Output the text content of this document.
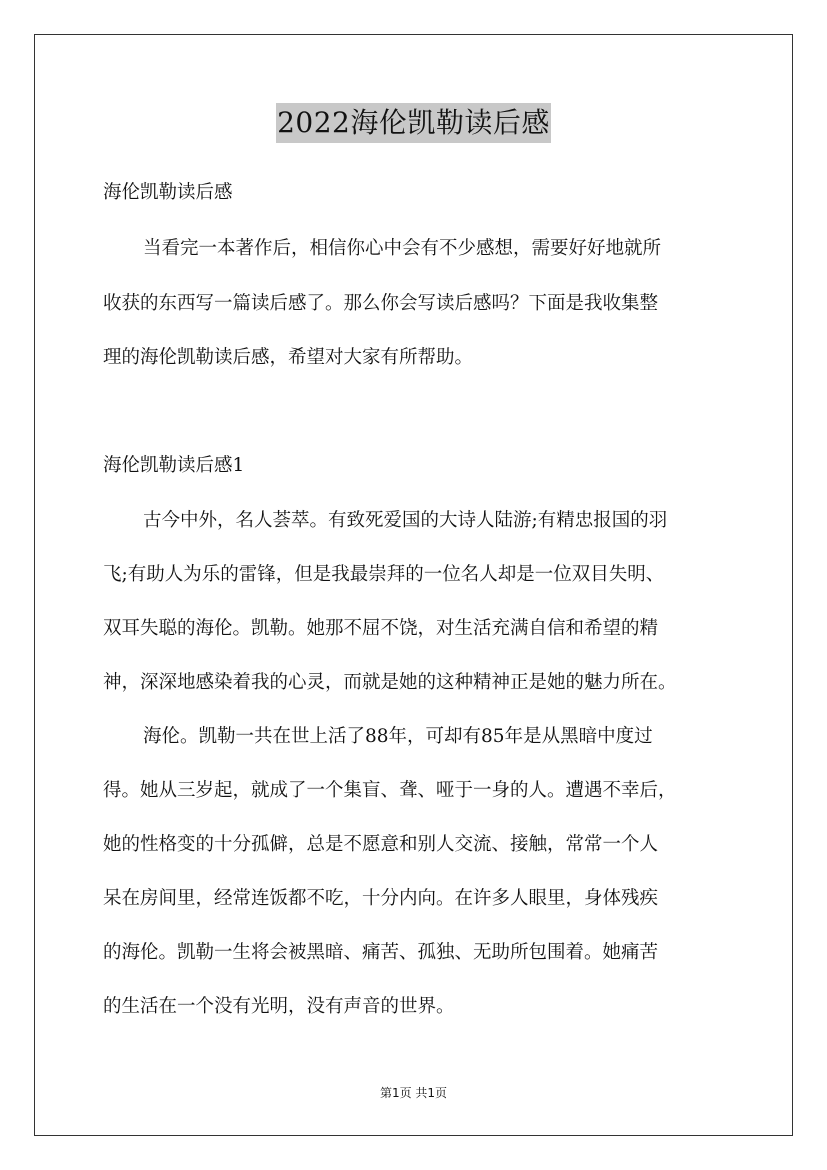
2022海伦凯勒读后感
海伦凯勒读后感
当看完一本著作后，相信你心中会有不少感想，需要好好地就所
收获的东西写一篇读后感了。那么你会写读后感吗？下面是我收集整
理的海伦凯勒读后感，希望对大家有所帮助。
海伦凯勒读后感1
古今中外，名人荟萃。有致死爱国的大诗人陆游;有精忠报国的羽
飞;有助人为乐的雷锋，但是我最崇拜的一位名人却是一位双目失明、
双耳失聪的海伦。凯勒。她那不屈不饶，对生活充满自信和希望的精
神，深深地感染着我的心灵，而就是她的这种精神正是她的魅力所在。
海伦。凯勒一共在世上活了88年，可却有85年是从黑暗中度过
得。她从三岁起，就成了一个集盲、聋、哑于一身的人。遭遇不幸后，
她的性格变的十分孤僻，总是不愿意和别人交流、接触，常常一个人
呆在房间里，经常连饭都不吃，十分内向。在许多人眼里，身体残疾
的海伦。凯勒一生将会被黑暗、痛苦、孤独、无助所包围着。她痛苦
的生活在一个没有光明，没有声音的世界。
第1页 共1页
